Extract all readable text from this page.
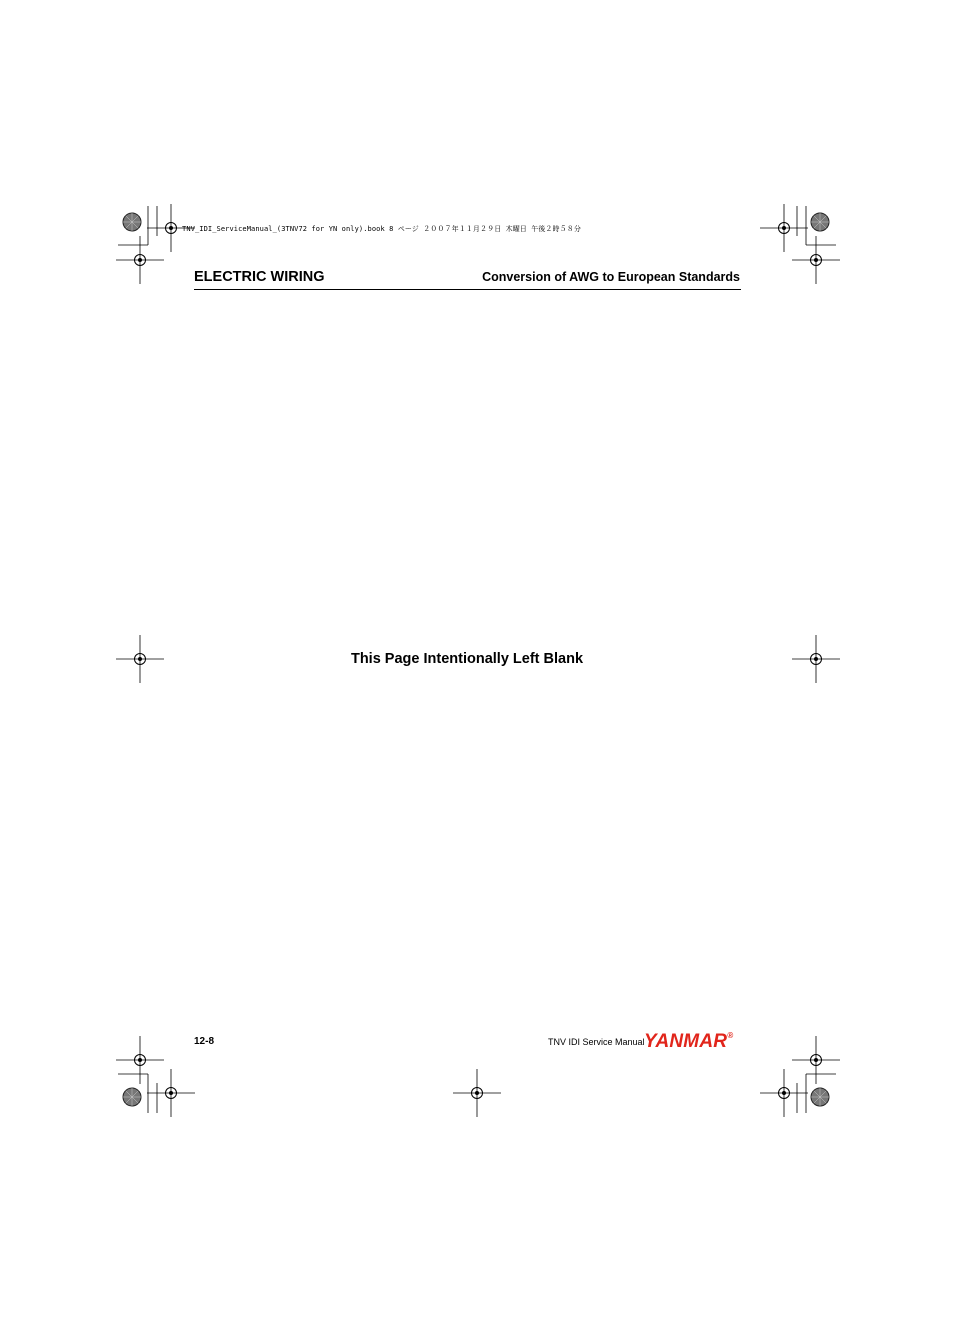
TNV_IDI_ServiceManual_(3TNV72 for YN only).book 8 ページ ２００７年１１月２９日 木曜日 午後２時５８分
ELECTRIC WIRING	Conversion of AWG to European Standards
This Page Intentionally Left Blank
12-8	TNV IDI Service Manual YANMAR®
